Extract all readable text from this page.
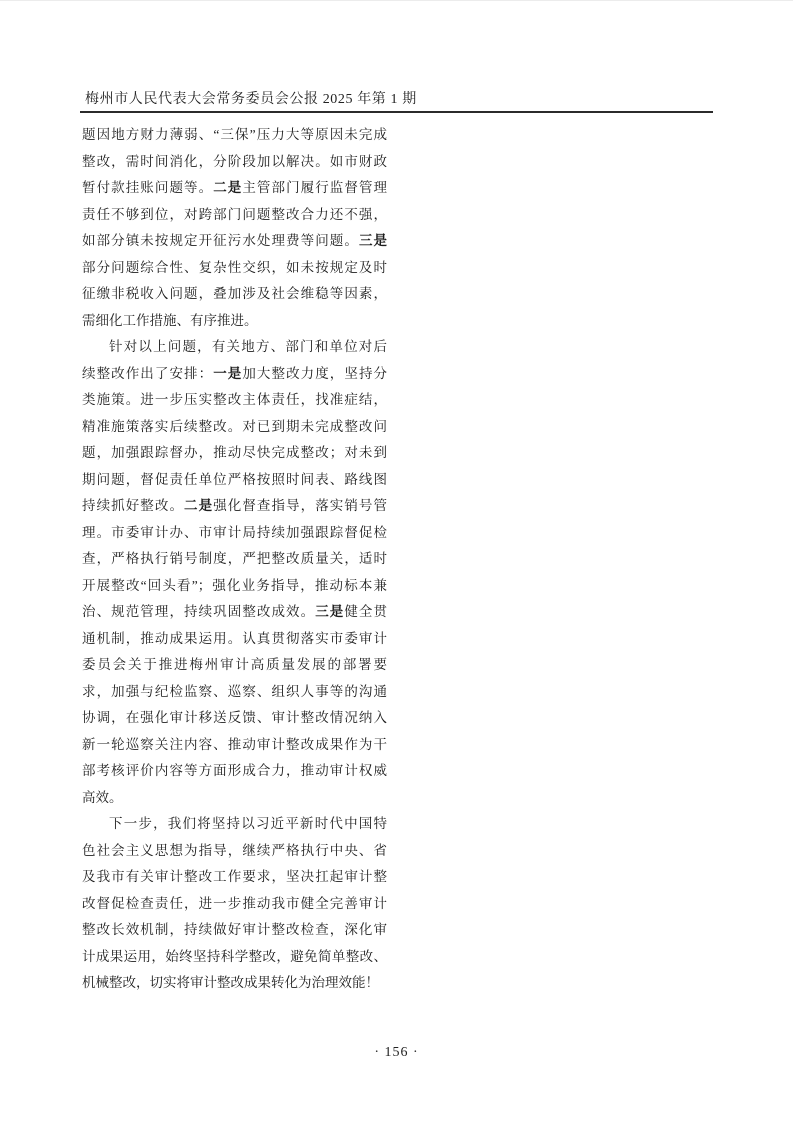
梅州市人民代表大会常务委员会公报 2025 年第 1 期
题因地方财力薄弱、“三保”压力大等原因未完成
整改，需时间消化，分阶段加以解决。如市财政
暂付款挂账问题等。二是主管部门履行监督管理
责任不够到位，对跨部门问题整改合力还不强，
如部分镇未按规定开征污水处理费等问题。三是
部分问题综合性、复杂性交织，如未按规定及时
征缴非税收入问题，叠加涉及社会维稳等因素，
需细化工作措施、有序推进。
针对以上问题，有关地方、部门和单位对后
续整改作出了安排：一是加大整改力度，坚持分
类施策。进一步压实整改主体责任，找准症结，
精准施策落实后续整改。对已到期未完成整改问
题，加强跟踪督办，推动尽快完成整改；对未到
期问题，督促责任单位严格按照时间表、路线图
持续抓好整改。二是强化督查指导，落实销号管
理。市委审计办、市审计局持续加强跟踪督促检
查，严格执行销号制度，严把整改质量关，适时
开展整改“回头看”；强化业务指导，推动标本兼
治、规范管理，持续巩固整改成效。三是健全贯
通机制，推动成果运用。认真贯彻落实市委审计
委员会关于推进梅州审计高质量发展的部署要
求，加强与纪检监察、巡察、组织人事等的沟通
协调，在强化审计移送反馈、审计整改情况纳入
新一轮巡察关注内容、推动审计整改成果作为干
部考核评价内容等方面形成合力，推动审计权威
高效。
下一步，我们将坚持以习近平新时代中国特
色社会主义思想为指导，继续严格执行中央、省
及我市有关审计整改工作要求，坚决扛起审计整
改督促检查责任，进一步推动我市健全完善审计
整改长效机制，持续做好审计整改检查，深化审
计成果运用，始终坚持科学整改，避免简单整改、
机械整改，切实将审计整改成果转化为治理效能！
· 156 ·
